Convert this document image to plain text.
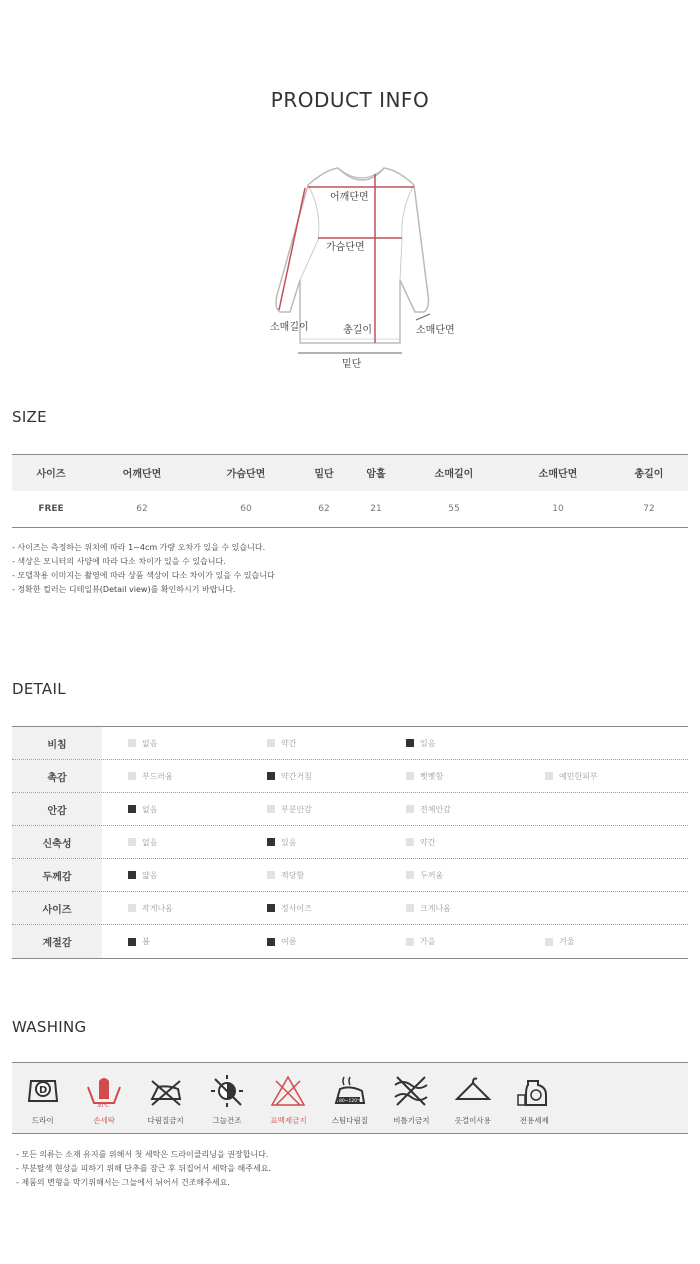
PRODUCT INFO
어깨단면
가슴단면
소매길이	총길이	소매단면
밑단
SIZE
사이즈	어깨단면	가슴단면	밑단	암홀	소매길이	소매단면	총길이
FREE	62	60	62	21	55	10	72
- 사이즈는 측정하는 위치에 따라 1~4cm 가량 오차가 있을 수 있습니다.
- 색상은 모니터의 사양에 따라 다소 차이가 있을 수 있습니다.
- 모델착용 이미지는 촬영에 따라 상품 색상이 다소 차이가 있을 수 있습니다
- 정확한 컬러는 디테일뷰(Detail view)를 확인하시기 바랍니다.
DETAIL
비침	없음	약간	있음
촉감	부드러움	약간거침	뻣뻣함	예민한피부
안감	없음	부분안감	전체안감
신축성	없음	있음	약간
두께감	얇음	적당함	두꺼움
사이즈	작게나옴	정사이즈	크게나옴
계절감	봄	여름	가을	겨울
WASHING
D
드라이
30℃
손세탁	다림질금지	그늘건조	표백제금지
80~120℃
스팀다림질	비틀기금지	옷걸이사용	전용세제
- 모든 의류는 소재 유지를 위해서 첫 세탁은 드라이클리닝을 권장합니다.
- 부분탈색 현상을 피하기 위해 단추를 잠근 후 뒤집어서 세탁을 해주세요.
- 제품의 변형을 막기위해서는 그늘에서 뉘어서 건조해주세요.
